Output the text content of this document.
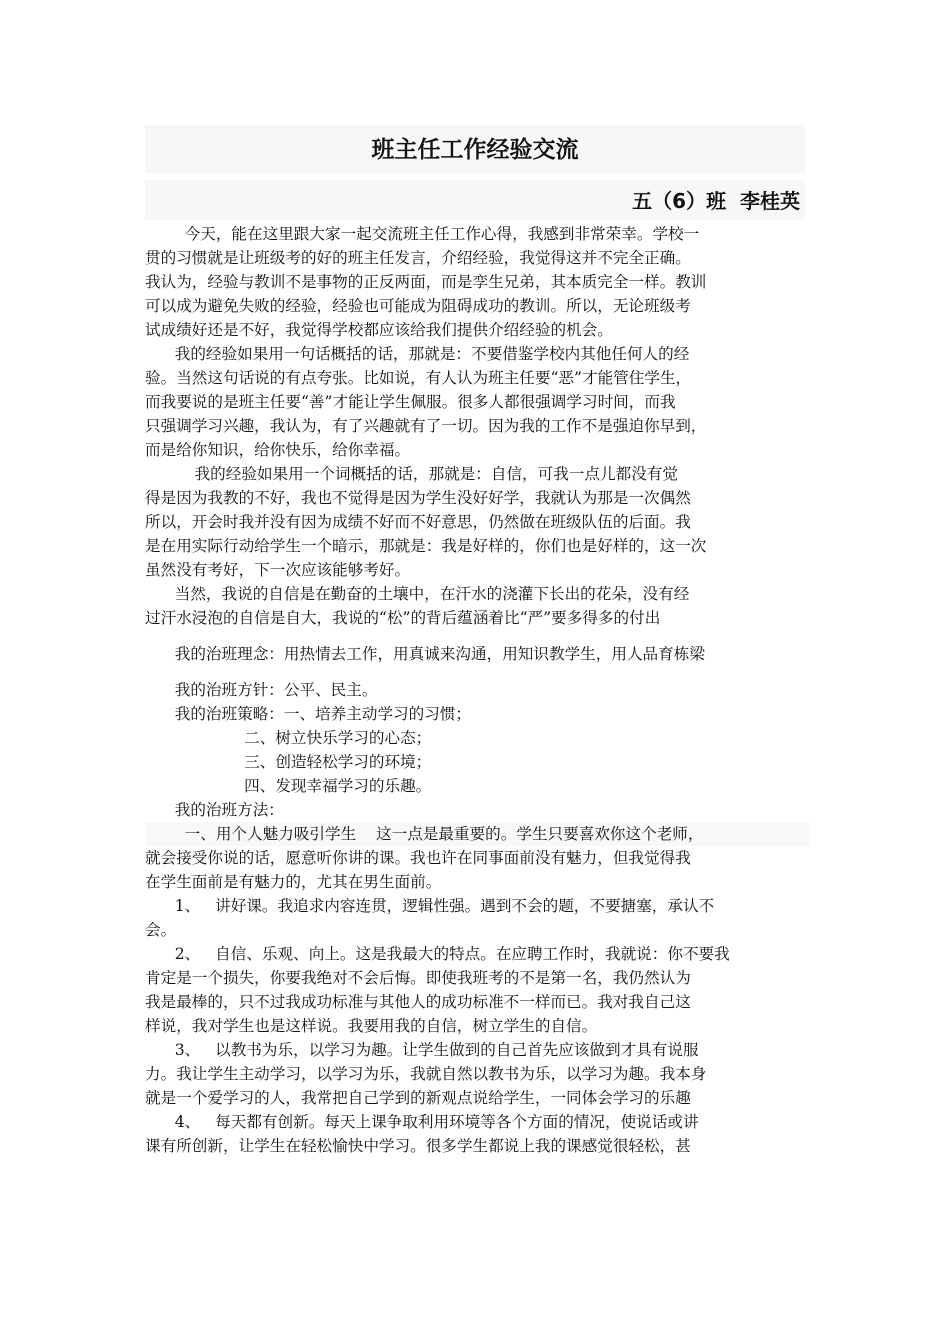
班主任工作经验交流

五（6）班  李桂英

今天，能在这里跟大家一起交流班主任工作心得，我感到非常荣幸。学校一
贯的习惯就是让班级考的好的班主任发言，介绍经验，我觉得这并不完全正确。
我认为，经验与教训不是事物的正反两面，而是孪生兄弟，其本质完全一样。教训
可以成为避免失败的经验，经验也可能成为阻碍成功的教训。所以，无论班级考
试成绩好还是不好，我觉得学校都应该给我们提供介绍经验的机会。
我的经验如果用一句话概括的话，那就是：不要借鉴学校内其他任何人的经
验。当然这句话说的有点夸张。比如说，有人认为班主任要“恶”才能管住学生，
而我要说的是班主任要“善”才能让学生佩服。很多人都很强调学习时间，而我
只强调学习兴趣，我认为，有了兴趣就有了一切。因为我的工作不是强迫你早到，
而是给你知识，给你快乐，给你幸福。
我的经验如果用一个词概括的话，那就是：自信，可我一点儿都没有觉
得是因为我教的不好，我也不觉得是因为学生没好好学，我就认为那是一次偶然
所以，开会时我并没有因为成绩不好而不好意思，仍然做在班级队伍的后面。我
是在用实际行动给学生一个暗示，那就是：我是好样的，你们也是好样的，这一次
虽然没有考好，下一次应该能够考好。
当然，我说的自信是在勤奋的土壤中，在汗水的浇灌下长出的花朵，没有经
过汗水浸泡的自信是自大，我说的“松”的背后蕴涵着比“严”要多得多的付出
我的治班理念：用热情去工作，用真诚来沟通，用知识教学生，用人品育栋梁
我的治班方针：公平、民主。
我的治班策略：一、培养主动学习的习惯；
二、树立快乐学习的心态；
三、创造轻松学习的环境；
四、发现幸福学习的乐趣。
我的治班方法：
一、用个人魅力吸引学生    这一点是最重要的。学生只要喜欢你这个老师，
就会接受你说的话，愿意听你讲的课。我也许在同事面前没有魅力，但我觉得我
在学生面前是有魅力的，尤其在男生面前。
1、   讲好课。我追求内容连贯，逻辑性强。遇到不会的题，不要搪塞，承认不
会。
2、   自信、乐观、向上。这是我最大的特点。在应聘工作时，我就说：你不要我
肯定是一个损失，你要我绝对不会后悔。即使我班考的不是第一名，我仍然认为
我是最棒的，只不过我成功标准与其他人的成功标准不一样而已。我对我自己这
样说，我对学生也是这样说。我要用我的自信，树立学生的自信。
3、   以教书为乐，以学习为趣。让学生做到的自己首先应该做到才具有说服
力。我让学生主动学习，以学习为乐，我就自然以教书为乐，以学习为趣。我本身
就是一个爱学习的人，我常把自己学到的新观点说给学生，一同体会学习的乐趣
4、   每天都有创新。每天上课争取利用环境等各个方面的情况，使说话或讲
课有所创新，让学生在轻松愉快中学习。很多学生都说上我的课感觉很轻松，甚
